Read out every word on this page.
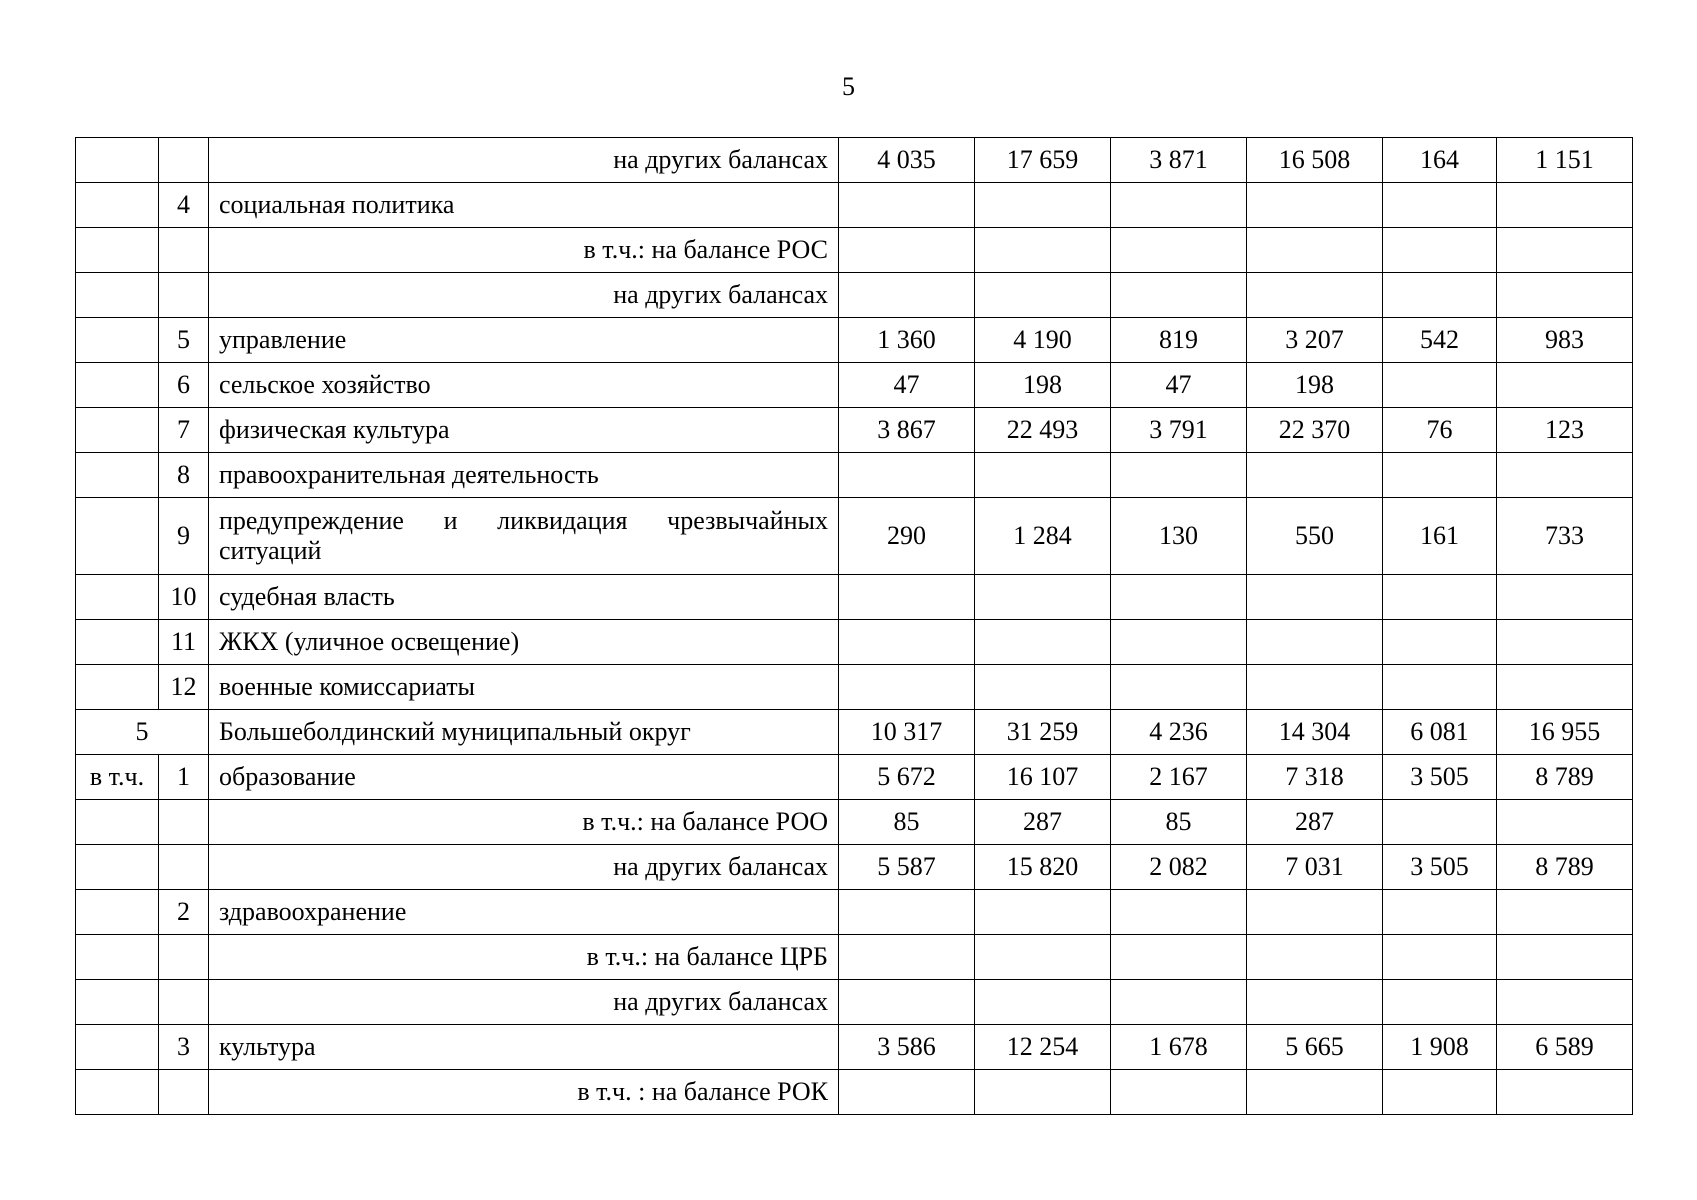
5
		на других балансах	4 035	17 659	3 871	16 508	164	1 151
	4	социальная политика						
		в т.ч.: на балансе РОС						
		на других балансах						
	5	управление	1 360	4 190	819	3 207	542	983
	6	сельское хозяйство	47	198	47	198		
	7	физическая культура	3 867	22 493	3 791	22 370	76	123
	8	правоохранительная деятельность						
	9	предупреждение и ликвидация чрезвычайных ситуаций	290	1 284	130	550	161	733
	10	судебная власть						
	11	ЖКХ (уличное освещение)						
	12	военные комиссариаты						
5		Большеболдинский муниципальный округ	10 317	31 259	4 236	14 304	6 081	16 955
в т.ч.	1	образование	5 672	16 107	2 167	7 318	3 505	8 789
		в т.ч.: на балансе РОО	85	287	85	287		
		на других балансах	5 587	15 820	2 082	7 031	3 505	8 789
	2	здравоохранение						
		в т.ч.: на балансе ЦРБ						
		на других балансах						
	3	культура	3 586	12 254	1 678	5 665	1 908	6 589
		в т.ч. : на балансе РОК						
